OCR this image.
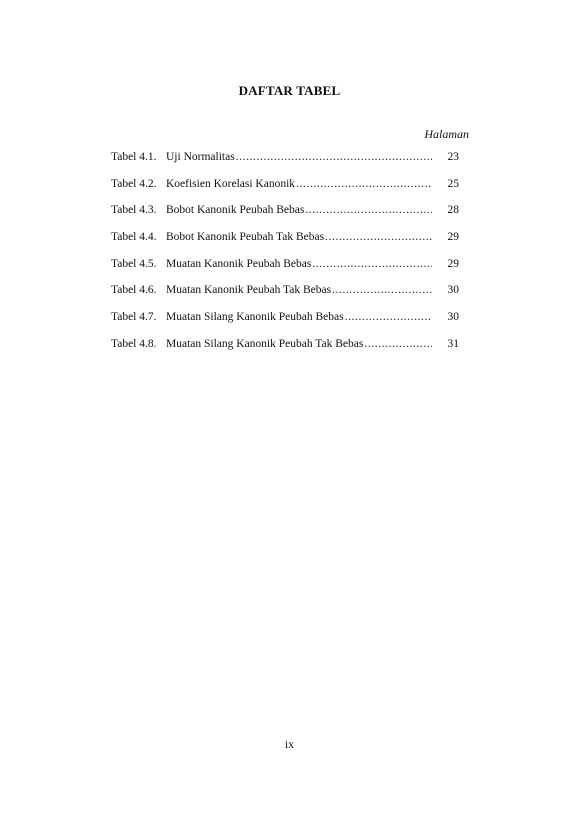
DAFTAR TABEL
Halaman
Tabel 4.1. Uji Normalitas .....	23
Tabel 4.2. Koefisien Korelasi Kanonik .....	25
Tabel 4.3. Bobot Kanonik Peubah Bebas .....	28
Tabel 4.4. Bobot Kanonik Peubah Tak Bebas .....	29
Tabel 4.5. Muatan Kanonik Peubah Bebas .....	29
Tabel 4.6. Muatan Kanonik Peubah Tak Bebas .....	30
Tabel 4.7. Muatan Silang Kanonik Peubah Bebas .....	30
Tabel 4.8. Muatan Silang Kanonik Peubah Tak Bebas .....	31
ix
